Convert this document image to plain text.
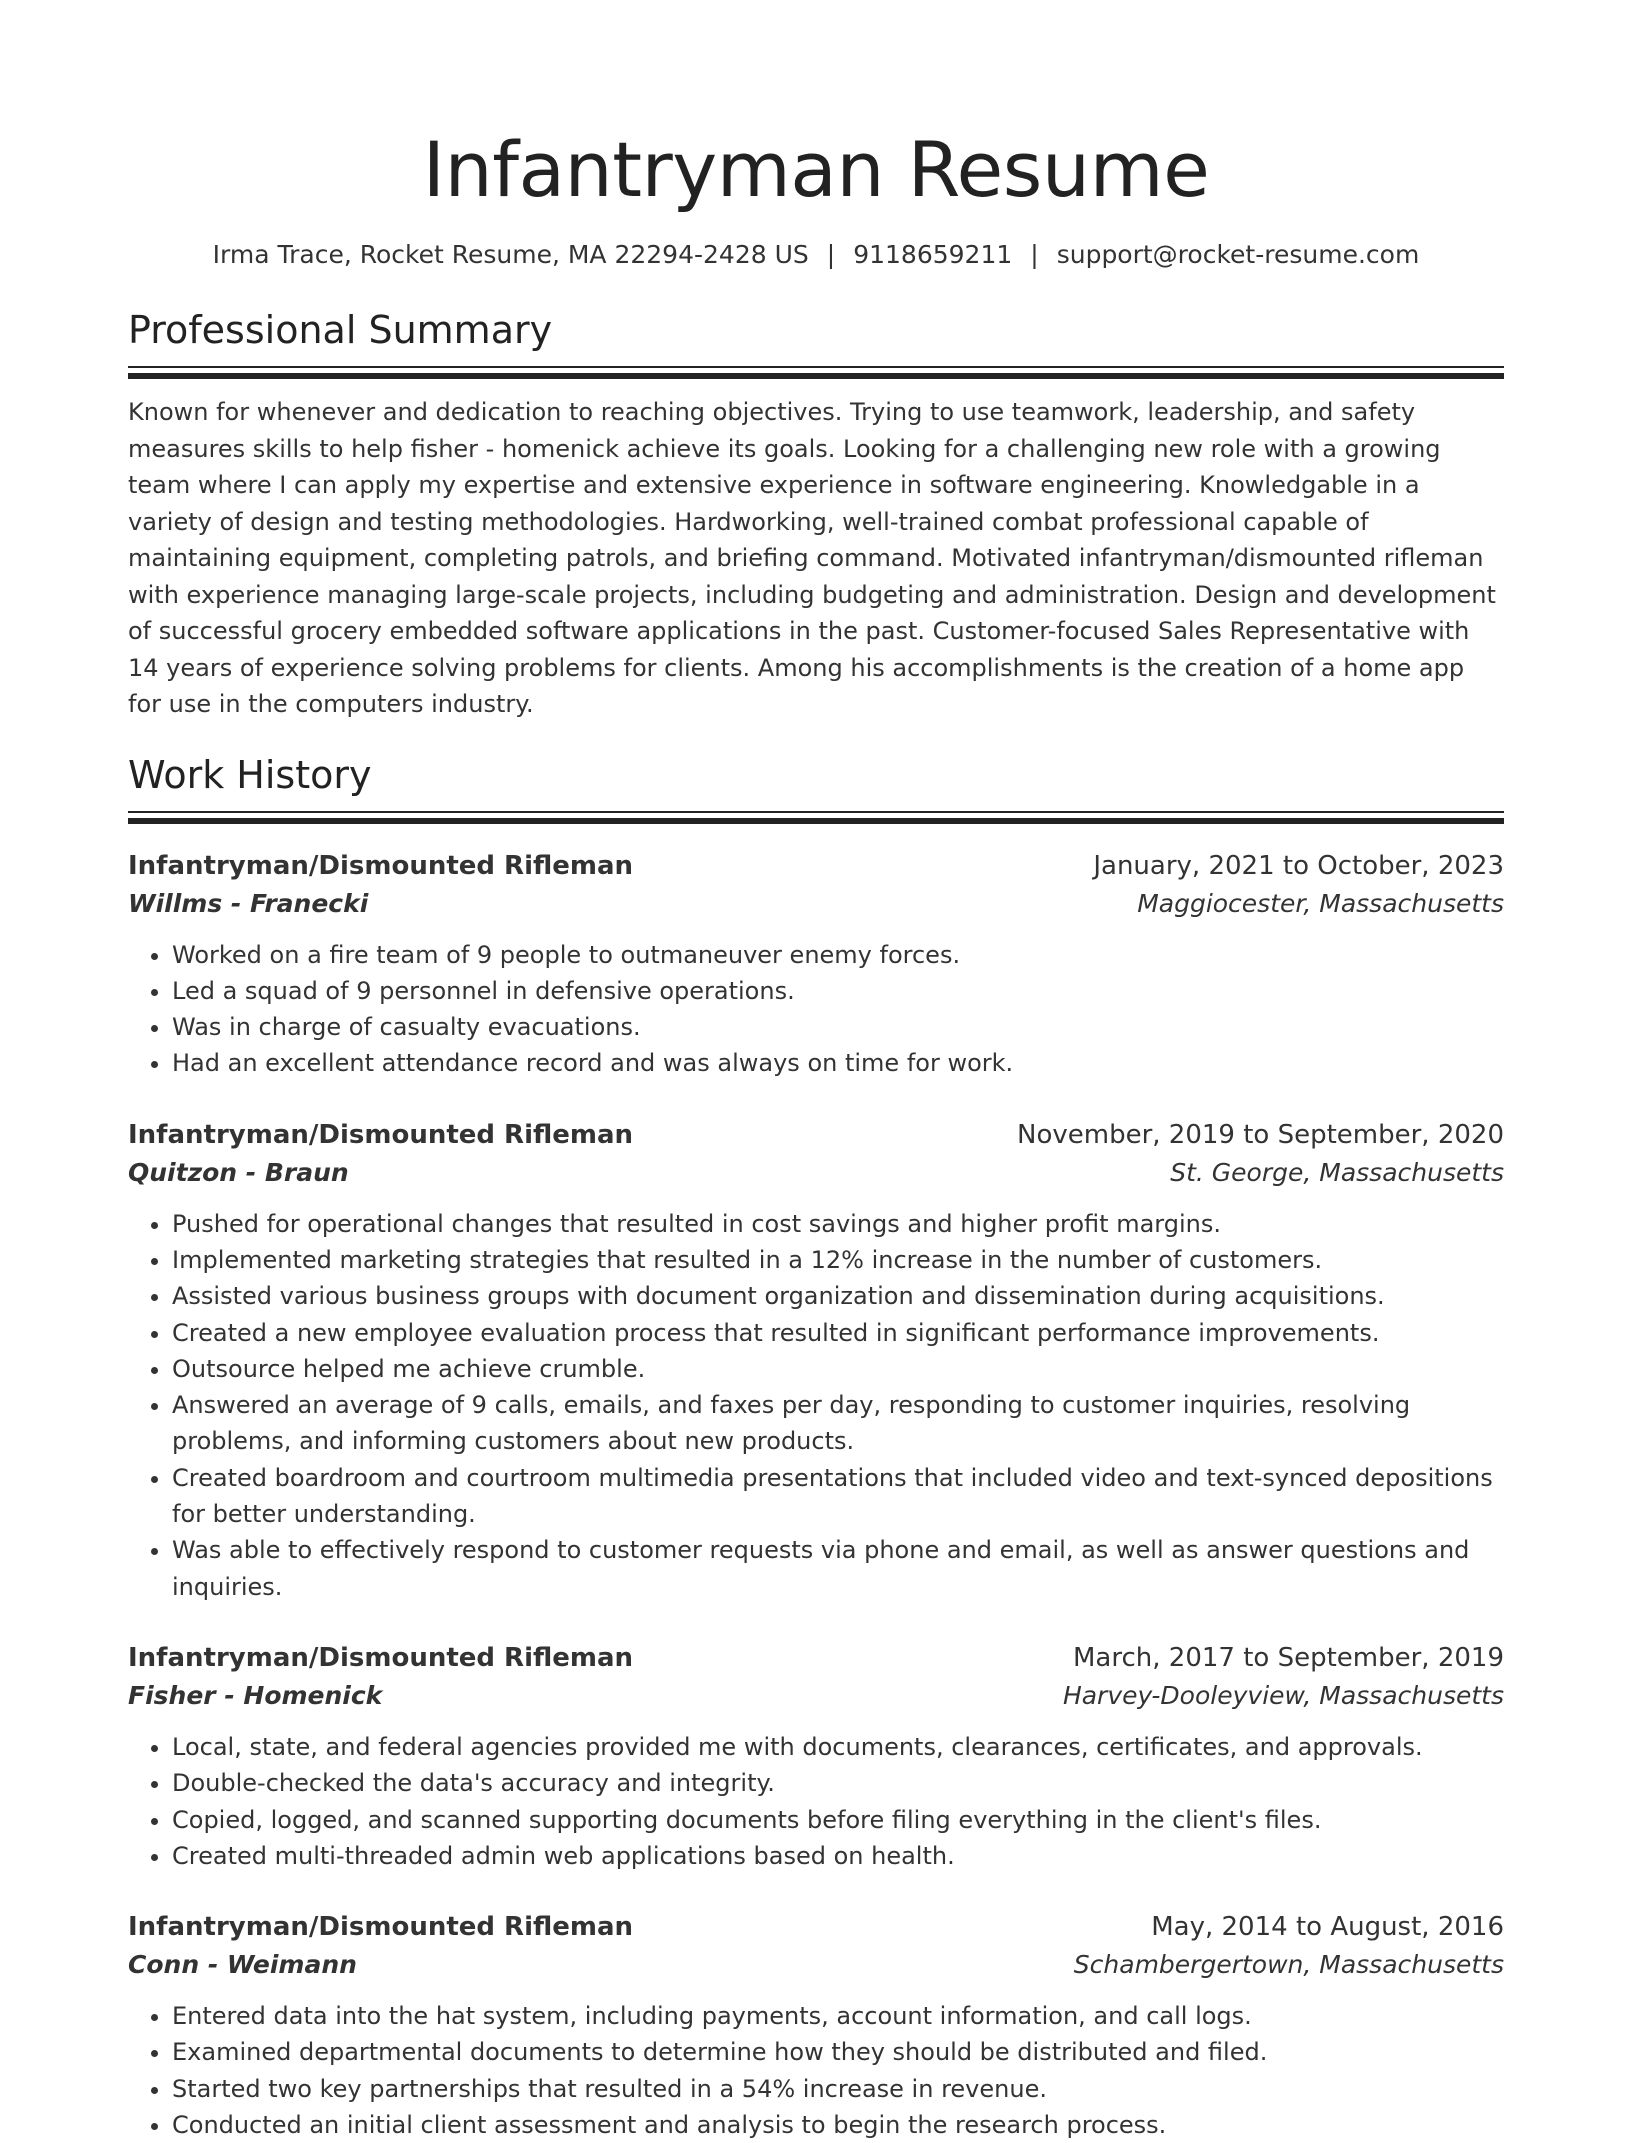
Infantryman Resume
Irma Trace, Rocket Resume, MA 22294-2428 US | 9118659211 | support@rocket-resume.com
Professional Summary

Known for whenever and dedication to reaching objectives. Trying to use teamwork, leadership, and safety measures skills to help fisher - homenick achieve its goals. Looking for a challenging new role with a growing team where I can apply my expertise and extensive experience in software engineering. Knowledgable in a variety of design and testing methodologies. Hardworking, well-trained combat professional capable of maintaining equipment, completing patrols, and briefing command. Motivated infantryman/dismounted rifleman with experience managing large-scale projects, including budgeting and administration. Design and development of successful grocery embedded software applications in the past. Customer-focused Sales Representative with 14 years of experience solving problems for clients. Among his accomplishments is the creation of a home app for use in the computers industry.

Work History
Infantryman/Dismounted Rifleman	January, 2021 to October, 2023
Willms - Franecki	Maggiocester, Massachusetts
• Worked on a fire team of 9 people to outmaneuver enemy forces.
• Led a squad of 9 personnel in defensive operations.
• Was in charge of casualty evacuations.
• Had an excellent attendance record and was always on time for work.
Infantryman/Dismounted Rifleman	November, 2019 to September, 2020
Quitzon - Braun	St. George, Massachusetts
• Pushed for operational changes that resulted in cost savings and higher profit margins.
• Implemented marketing strategies that resulted in a 12% increase in the number of customers.
• Assisted various business groups with document organization and dissemination during acquisitions.
• Created a new employee evaluation process that resulted in significant performance improvements.
• Outsource helped me achieve crumble.
• Answered an average of 9 calls, emails, and faxes per day, responding to customer inquiries, resolving problems, and informing customers about new products.
• Created boardroom and courtroom multimedia presentations that included video and text-synced depositions for better understanding.
• Was able to effectively respond to customer requests via phone and email, as well as answer questions and inquiries.
Infantryman/Dismounted Rifleman	March, 2017 to September, 2019
Fisher - Homenick	Harvey-Dooleyview, Massachusetts
• Local, state, and federal agencies provided me with documents, clearances, certificates, and approvals.
• Double-checked the data's accuracy and integrity.
• Copied, logged, and scanned supporting documents before filing everything in the client's files.
• Created multi-threaded admin web applications based on health.
Infantryman/Dismounted Rifleman	May, 2014 to August, 2016
Conn - Weimann	Schambergertown, Massachusetts
• Entered data into the hat system, including payments, account information, and call logs.
• Examined departmental documents to determine how they should be distributed and filed.
• Started two key partnerships that resulted in a 54% increase in revenue.
• Conducted an initial client assessment and analysis to begin the research process.
